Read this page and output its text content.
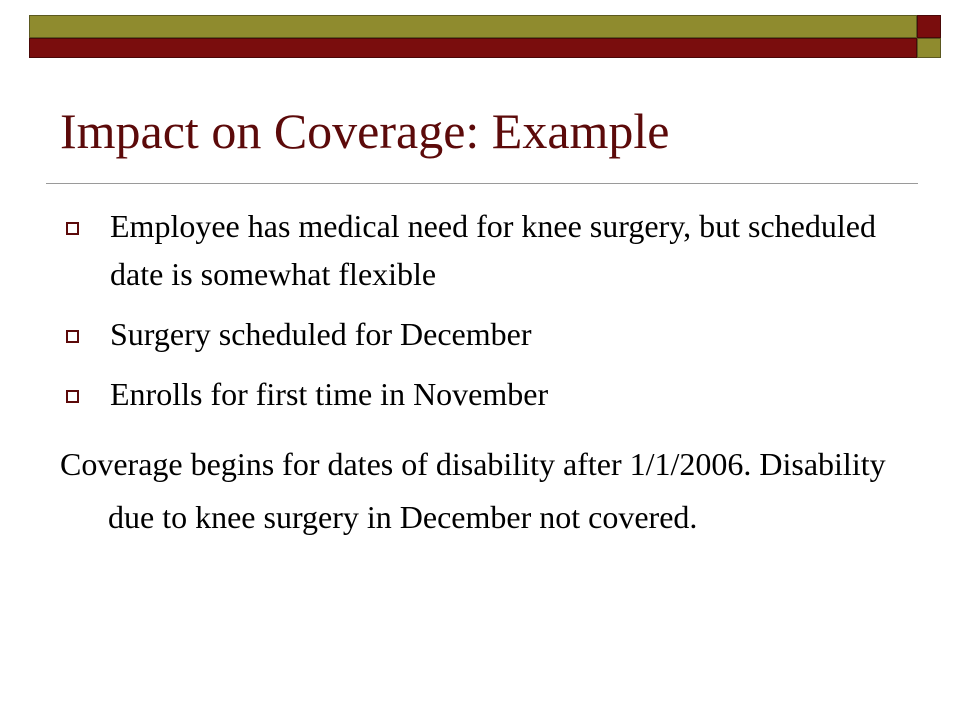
Impact on Coverage: Example
Employee has medical need for knee surgery, but scheduled date is somewhat flexible
Surgery scheduled for December
Enrolls for first time in November

Coverage begins for dates of disability after 1/1/2006. Disability due to knee surgery in December not covered.
